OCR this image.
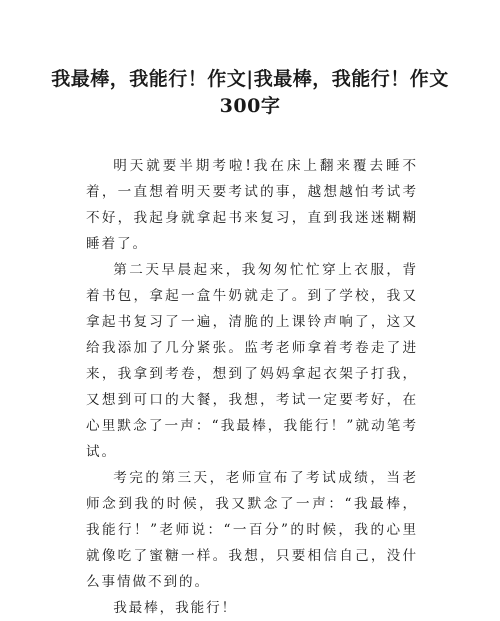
我最棒，我能行！作文|我最棒，我能行！作文300字

明天就要半期考啦!我在床上翻来覆去睡不着，一直想着明天要考试的事，越想越怕考试考不好，我起身就拿起书来复习，直到我迷迷糊糊睡着了。

第二天早晨起来，我匆匆忙忙穿上衣服，背着书包，拿起一盒牛奶就走了。到了学校，我又拿起书复习了一遍，清脆的上课铃声响了，这又给我添加了几分紧张。监考老师拿着考卷走了进来，我拿到考卷，想到了妈妈拿起衣架子打我，又想到可口的大餐，我想，考试一定要考好，在心里默念了一声：“我最棒，我能行！”就动笔考试。

考完的第三天，老师宣布了考试成绩，当老师念到我的时候，我又默念了一声：“我最棒，我能行！”老师说：“一百分”的时候，我的心里就像吃了蜜糖一样。我想，只要相信自己，没什么事情做不到的。

我最棒，我能行！
